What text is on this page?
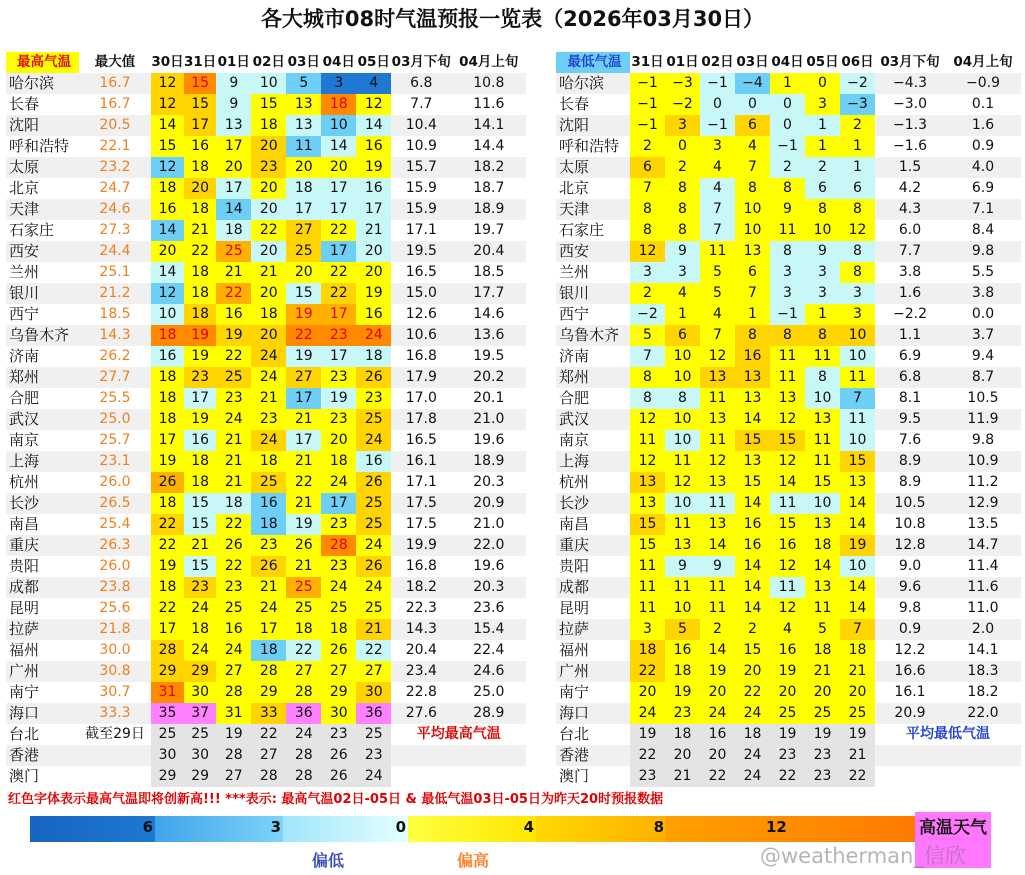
各大城市08时气温预报一览表（2026年03月30日）
最高气温	最大值	30日	31日	01日	02日	03日	04日	05日	03月下旬	04月上旬
哈尔滨	16.7	12	15	9	10	5	3	4	6.8	10.8
长春	16.7	12	15	9	15	13	18	12	7.7	11.6
沈阳	20.5	14	17	13	18	13	10	14	10.4	14.1
呼和浩特	22.1	15	16	17	20	11	14	16	10.9	14.4
太原	23.2	12	18	20	23	20	20	19	15.7	18.2
北京	24.7	18	20	17	20	18	17	16	15.9	18.7
天津	24.6	16	18	14	20	17	17	17	15.9	18.9
石家庄	27.3	14	21	18	22	27	22	21	17.1	19.7
西安	24.4	20	22	25	20	25	17	20	19.5	20.4
兰州	25.1	14	18	21	21	20	22	20	16.5	18.5
银川	21.2	12	18	22	20	15	22	19	15.0	17.7
西宁	18.5	10	18	16	18	19	17	16	12.6	14.6
乌鲁木齐	14.3	18	19	19	20	22	23	24	10.6	13.6
济南	26.2	16	19	22	24	19	17	18	16.8	19.5
郑州	27.7	18	23	25	24	27	23	26	17.9	20.2
合肥	25.5	18	17	23	21	17	19	23	17.0	20.1
武汉	25.0	18	19	24	23	21	23	25	17.8	21.0
南京	25.7	17	16	21	24	17	20	24	16.5	19.6
上海	23.1	19	18	21	18	21	18	16	16.1	18.9
杭州	26.0	26	18	21	25	22	24	26	17.1	20.3
长沙	26.5	18	15	18	16	21	17	25	17.5	20.9
南昌	25.4	22	15	22	18	19	23	25	17.5	21.0
重庆	26.3	22	21	26	23	26	28	24	19.9	22.0
贵阳	26.0	19	15	22	26	21	23	26	16.8	19.6
成都	23.8	18	23	23	21	25	24	24	18.2	20.3
昆明	25.6	22	24	25	24	25	25	25	22.3	23.6
拉萨	21.8	17	18	16	17	18	18	21	14.3	15.4
福州	30.0	28	24	24	18	22	26	22	20.4	22.4
广州	30.8	29	29	27	28	27	27	27	23.4	24.6
南宁	30.7	31	30	28	29	28	29	30	22.8	25.0
海口	33.3	35	37	31	33	36	30	36	27.6	28.9
台北	截至29日	25	25	19	22	24	23	25	平均最高气温	
香港		30	30	28	27	28	26	23		
澳门		29	29	27	28	28	26	24		
最低气温	31日	01日	02日	03日	04日	05日	06日	03月下旬	04月上旬
哈尔滨	−1	−3	−1	−4	1	0	−2	−4.3	−0.9
长春	−1	−2	0	0	0	3	−3	−3.0	0.1
沈阳	−1	3	−1	6	0	1	2	−1.3	1.6
呼和浩特	2	0	3	4	−1	1	1	−1.6	0.9
太原	6	2	4	7	2	2	1	1.5	4.0
北京	7	8	4	8	8	6	6	4.2	6.9
天津	8	8	7	10	9	8	8	4.3	7.1
石家庄	8	8	7	10	11	10	12	6.0	8.4
西安	12	9	11	13	8	9	8	7.7	9.8
兰州	3	3	5	6	3	3	8	3.8	5.5
银川	2	4	5	7	3	3	3	1.6	3.8
西宁	−2	1	4	1	−1	1	3	−2.2	0.0
乌鲁木齐	5	6	7	8	8	8	10	1.1	3.7
济南	7	10	12	16	11	11	10	6.9	9.4
郑州	8	10	13	13	11	8	11	6.8	8.7
合肥	8	8	11	13	13	10	7	8.1	10.5
武汉	12	10	13	14	12	13	11	9.5	11.9
南京	11	10	11	15	15	11	10	7.6	9.8
上海	12	11	12	13	12	11	15	8.9	10.9
杭州	13	12	13	15	14	15	13	8.9	11.2
长沙	13	10	11	14	11	10	14	10.5	12.9
南昌	15	11	13	16	15	13	14	10.8	13.5
重庆	15	13	14	16	16	18	19	12.8	14.7
贵阳	11	9	9	14	12	14	10	9.0	11.4
成都	11	11	11	14	11	13	14	9.6	11.6
昆明	11	10	11	14	12	11	14	9.8	11.0
拉萨	3	5	2	2	4	5	7	0.9	2.0
福州	18	16	14	15	16	18	18	12.2	14.1
广州	22	18	19	20	19	21	21	16.6	18.3
南宁	20	19	20	22	20	20	20	16.1	18.2
海口	24	23	24	24	25	25	25	20.9	22.0
台北	19	18	16	18	19	19	19	平均最低气温	
香港	22	20	20	24	23	23	21		
澳门	23	21	22	24	22	23	22		
红色字体表示最高气温即将创新高!!! ***表示: 最高气温02日-05日 & 最低气温03日-05日为昨天20时预报数据
6	3	0	4	8	12	高温天气
偏低	偏高	@weatherman_信欣
